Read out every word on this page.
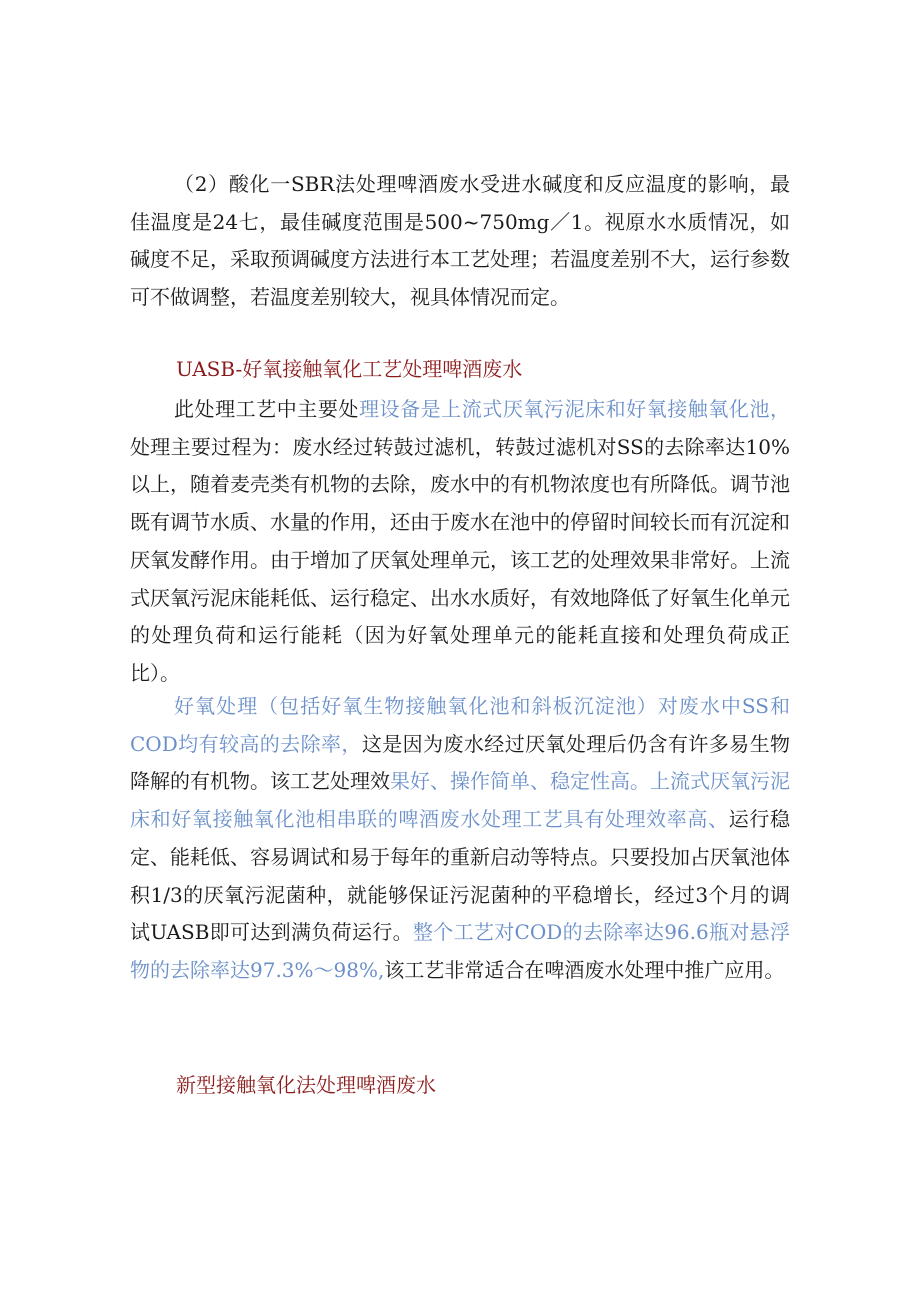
（2）酸化一SBR法处理啤酒废水受进水碱度和反应温度的影响，最佳温度是24七，最佳碱度范围是500~750mg／1。视原水水质情况，如碱度不足，采取预调碱度方法进行本工艺处理；若温度差别不大，运行参数可不做调整，若温度差别较大，视具体情况而定。

UASB-好氧接触氧化工艺处理啤酒废水

此处理工艺中主要处理设备是上流式厌氧污泥床和好氧接触氧化池，处理主要过程为：废水经过转鼓过滤机，转鼓过滤机对SS的去除率达10%以上，随着麦壳类有机物的去除，废水中的有机物浓度也有所降低。调节池既有调节水质、水量的作用，还由于废水在池中的停留时间较长而有沉淀和厌氧发酵作用。由于增加了厌氧处理单元，该工艺的处理效果非常好。上流式厌氧污泥床能耗低、运行稳定、出水水质好，有效地降低了好氧生化单元的处理负荷和运行能耗（因为好氧处理单元的能耗直接和处理负荷成正比）。

好氧处理（包括好氧生物接触氧化池和斜板沉淀池）对废水中SS和COD均有较高的去除率，这是因为废水经过厌氧处理后仍含有许多易生物降解的有机物。该工艺处理效果好、操作简单、稳定性高。上流式厌氧污泥床和好氧接触氧化池相串联的啤酒废水处理工艺具有处理效率高、运行稳定、能耗低、容易调试和易于每年的重新启动等特点。只要投加占厌氧池体积1/3的厌氧污泥菌种，就能够保证污泥菌种的平稳增长，经过3个月的调试UASB即可达到满负荷运行。整个工艺对COD的去除率达96.6瓶对悬浮物的去除率达97.3%～98%,该工艺非常适合在啤酒废水处理中推广应用。

新型接触氧化法处理啤酒废水
